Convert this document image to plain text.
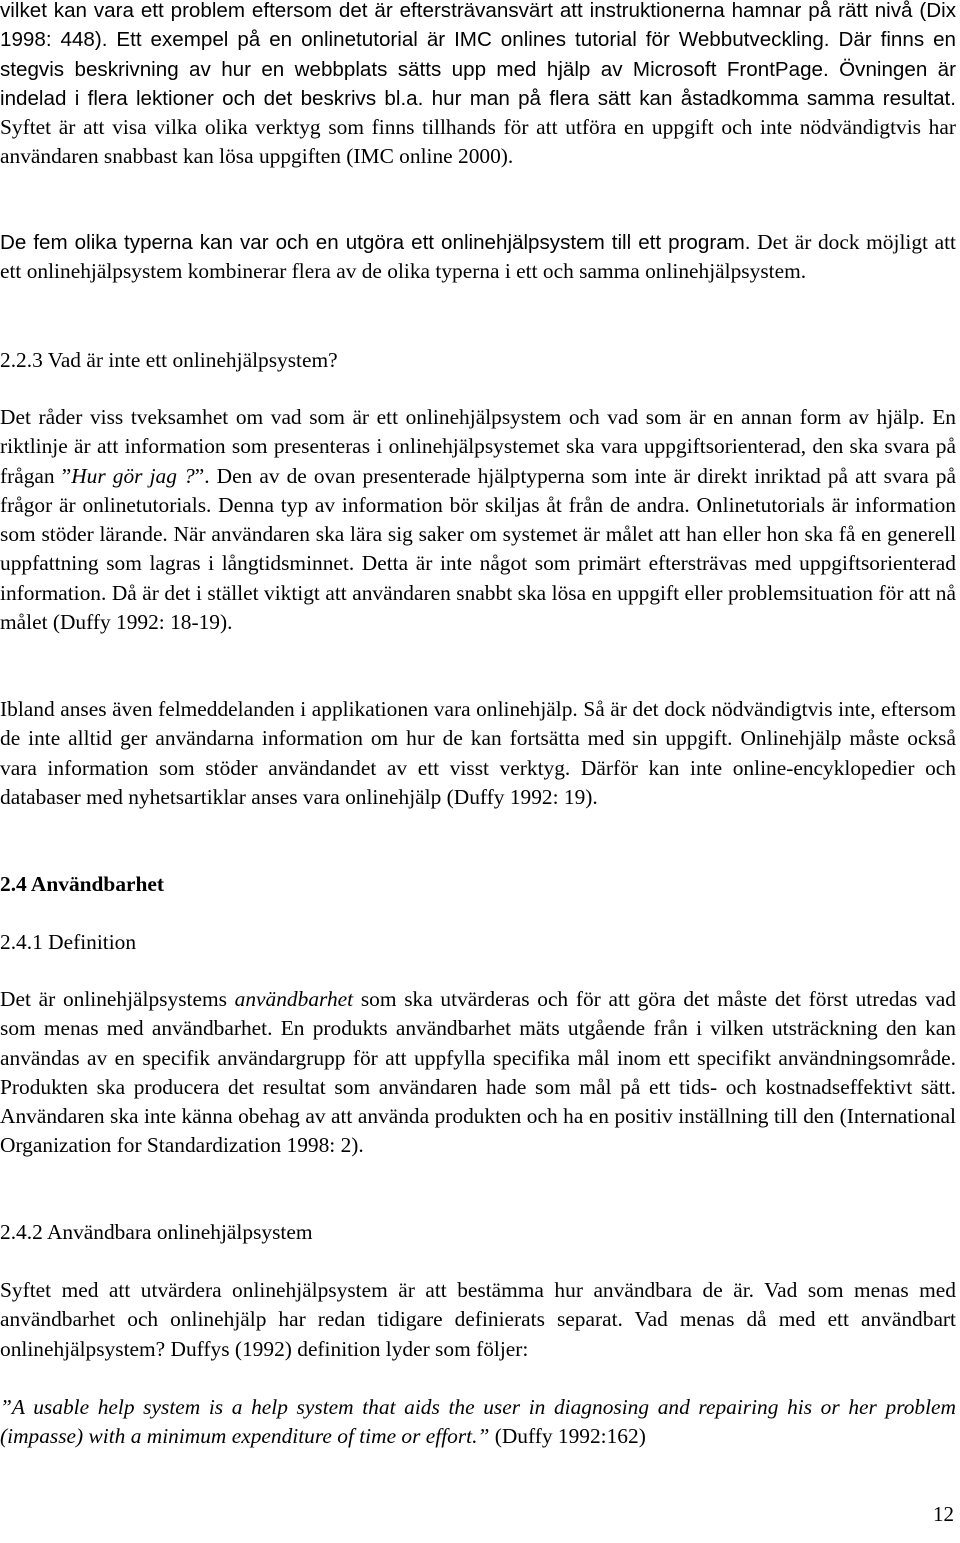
vilket kan vara ett problem eftersom det är eftersträvansvärt att instruktionerna hamnar på rätt nivå (Dix 1998: 448). Ett exempel på en onlinetutorial är IMC onlines tutorial för Webbutveckling. Där finns en stegvis beskrivning av hur en webbplats sätts upp med hjälp av Microsoft FrontPage. Övningen är indelad i flera lektioner och det beskrivs bl.a. hur man på flera sätt kan åstadkomma samma resultat. Syftet är att visa vilka olika verktyg som finns tillhands för att utföra en uppgift och inte nödvändigtvis har användaren snabbast kan lösa uppgiften (IMC online 2000).

De fem olika typerna kan var och en utgöra ett onlinehjälpsystem till ett program. Det är dock möjligt att ett onlinehjälpsystem kombinerar flera av de olika typerna i ett och samma onlinehjälpsystem.

2.2.3 Vad är inte ett onlinehjälpsystem?

Det råder viss tveksamhet om vad som är ett onlinehjälpsystem och vad som är en annan form av hjälp. En riktlinje är att information som presenteras i onlinehjälpsystemet ska vara uppgiftsorienterad, den ska svara på frågan ”Hur gör jag ?”. Den av de ovan presenterade hjälptyperna som inte är direkt inriktad på att svara på frågor är onlinetutorials. Denna typ av information bör skiljas åt från de andra. Onlinetutorials är information som stöder lärande. När användaren ska lära sig saker om systemet är målet att han eller hon ska få en generell uppfattning som lagras i långtidsminnet. Detta är inte något som primärt eftersträvas med uppgiftsorienterad information. Då är det i stället viktigt att användaren snabbt ska lösa en uppgift eller problemsituation för att nå målet (Duffy 1992: 18-19).

Ibland anses även felmeddelanden i applikationen vara onlinehjälp. Så är det dock nödvändigtvis inte, eftersom de inte alltid ger användarna information om hur de kan fortsätta med sin uppgift. Onlinehjälp måste också vara information som stöder användandet av ett visst verktyg. Därför kan inte online-encyklopedier och databaser med nyhetsartiklar anses vara onlinehjälp (Duffy 1992: 19).

2.4 Användbarhet

2.4.1 Definition

Det är onlinehjälpsystems användbarhet som ska utvärderas och för att göra det måste det först utredas vad som menas med användbarhet. En produkts användbarhet mäts utgående från i vilken utsträckning den kan användas av en specifik användargrupp för att uppfylla specifika mål inom ett specifikt användningsområde. Produkten ska producera det resultat som användaren hade som mål på ett tids- och kostnadseffektivt sätt. Användaren ska inte känna obehag av att använda produkten och ha en positiv inställning till den (International Organization for Standardization 1998: 2).

2.4.2 Användbara onlinehjälpsystem

Syftet med att utvärdera onlinehjälpsystem är att bestämma hur användbara de är. Vad som menas med användbarhet och onlinehjälp har redan tidigare definierats separat. Vad menas då med ett användbart onlinehjälpsystem? Duffys (1992) definition lyder som följer:

”A usable help system is a help system that aids the user in diagnosing and repairing his or her problem (impasse) with a minimum expenditure of time or effort.” (Duffy 1992:162)

12
